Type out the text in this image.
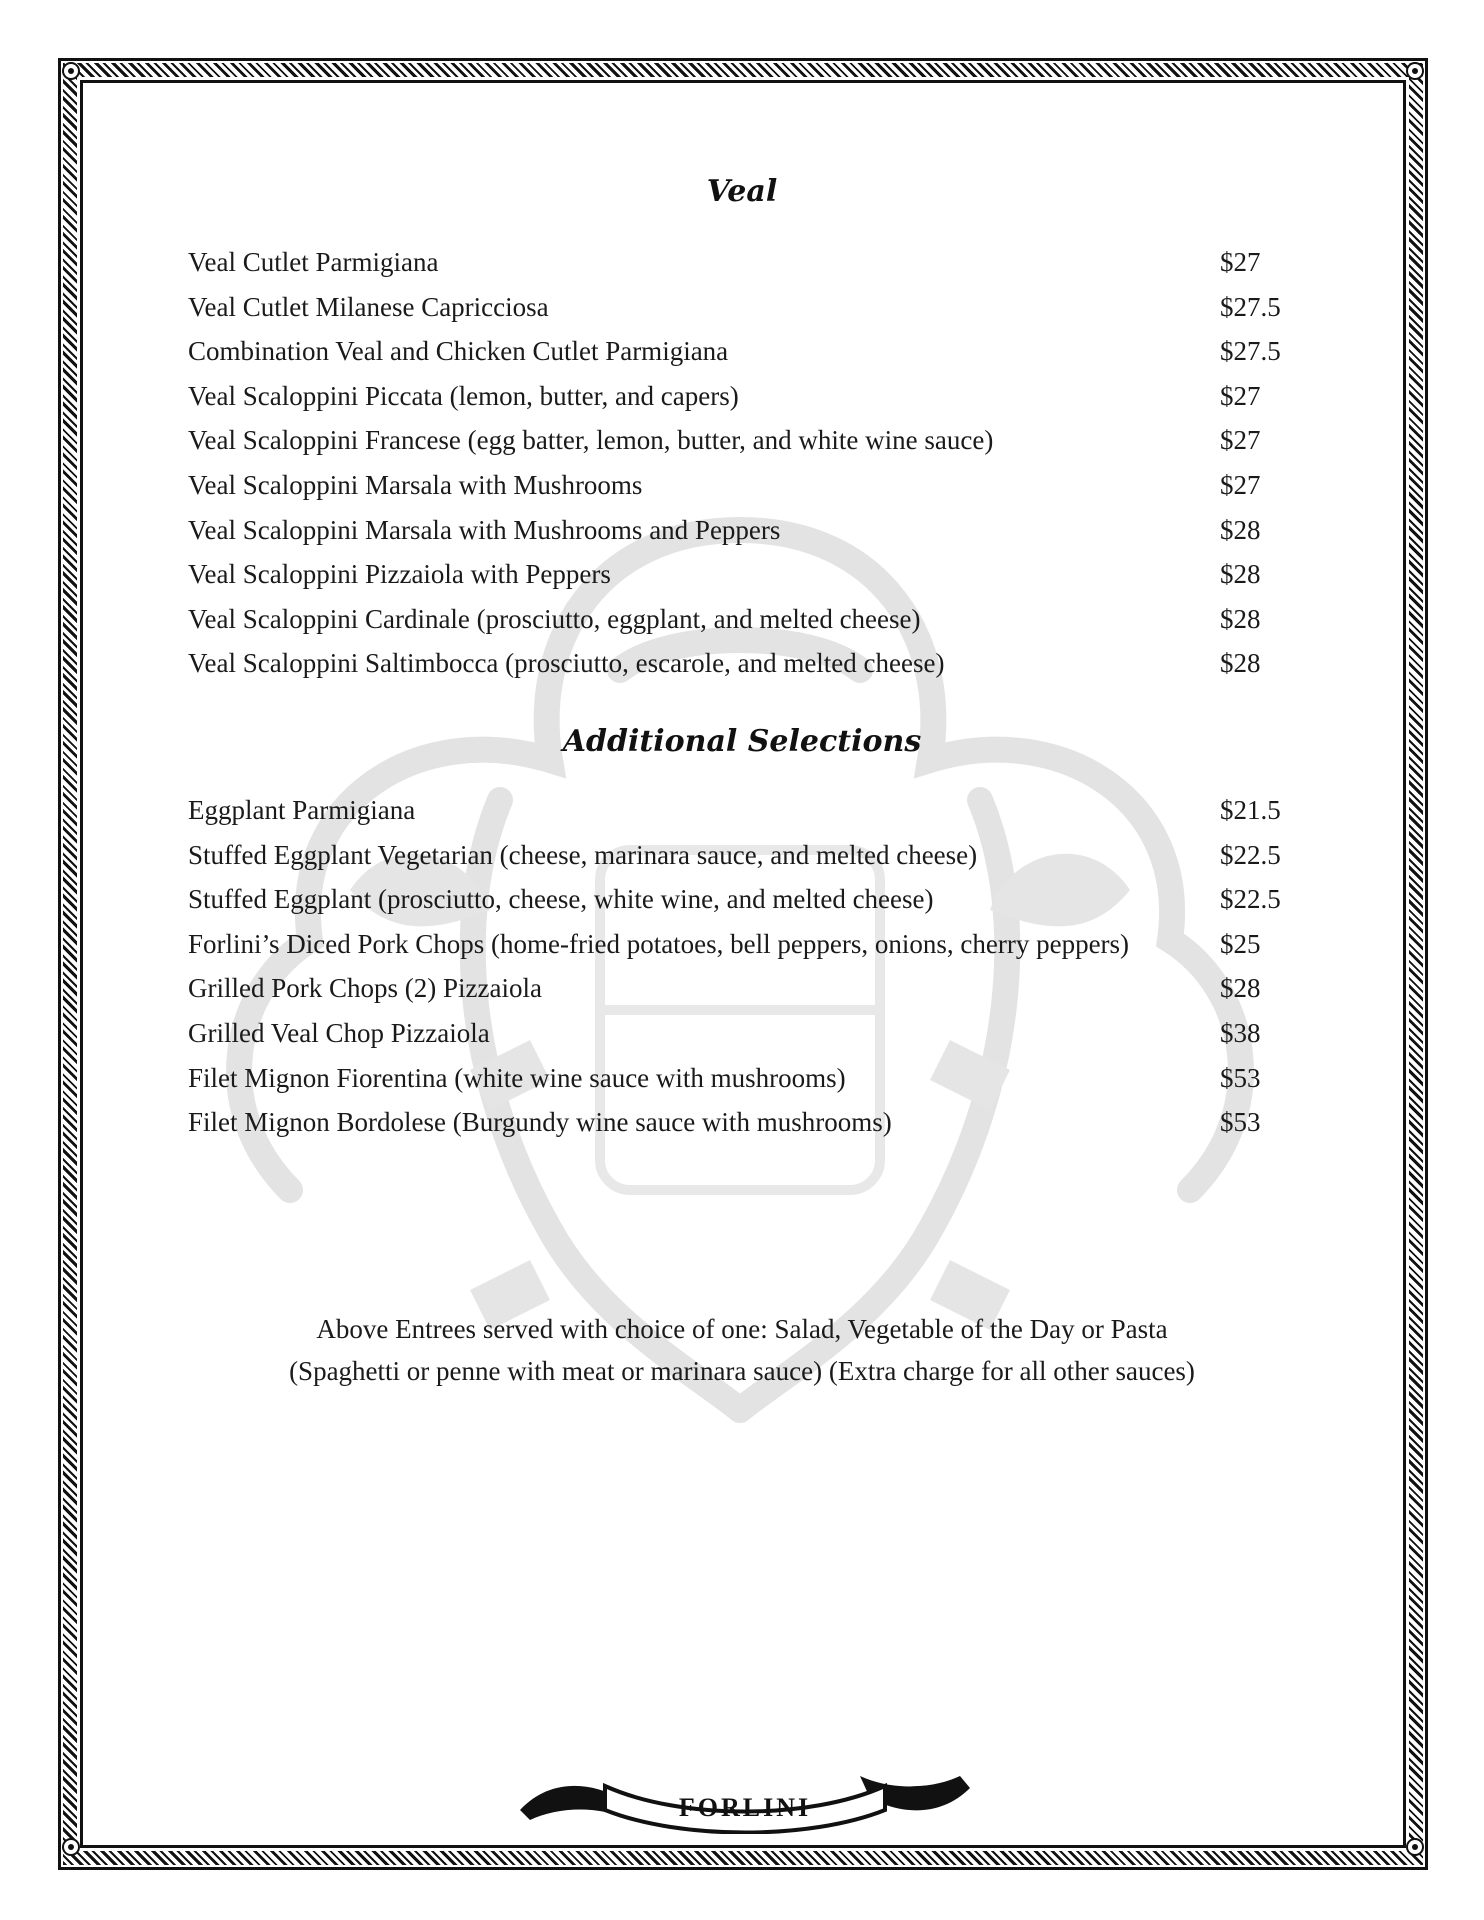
Veal
Veal Cutlet Parmigiana	$27
Veal Cutlet Milanese Capricciosa	$27.5
Combination Veal and Chicken Cutlet Parmigiana	$27.5
Veal Scaloppini Piccata (lemon, butter, and capers)	$27
Veal Scaloppini Francese (egg batter, lemon, butter, and white wine sauce)	$27
Veal Scaloppini Marsala with Mushrooms	$27
Veal Scaloppini Marsala with Mushrooms and Peppers	$28
Veal Scaloppini Pizzaiola with Peppers	$28
Veal Scaloppini Cardinale (prosciutto, eggplant, and melted cheese)	$28
Veal Scaloppini Saltimbocca (prosciutto, escarole, and melted cheese)	$28
Additional Selections
Eggplant Parmigiana	$21.5
Stuffed Eggplant Vegetarian (cheese, marinara sauce, and melted cheese)	$22.5
Stuffed Eggplant (prosciutto, cheese, white wine, and melted cheese)	$22.5
Forlini’s Diced Pork Chops (home-fried potatoes, bell peppers, onions, cherry peppers)	$25
Grilled Pork Chops (2) Pizzaiola	$28
Grilled Veal Chop Pizzaiola	$38
Filet Mignon Fiorentina (white wine sauce with mushrooms)	$53
Filet Mignon Bordolese (Burgundy wine sauce with mushrooms)	$53
Above Entrees served with choice of one: Salad, Vegetable of the Day or Pasta
(Spaghetti or penne with meat or marinara sauce) (Extra charge for all other sauces)
FORLINI
